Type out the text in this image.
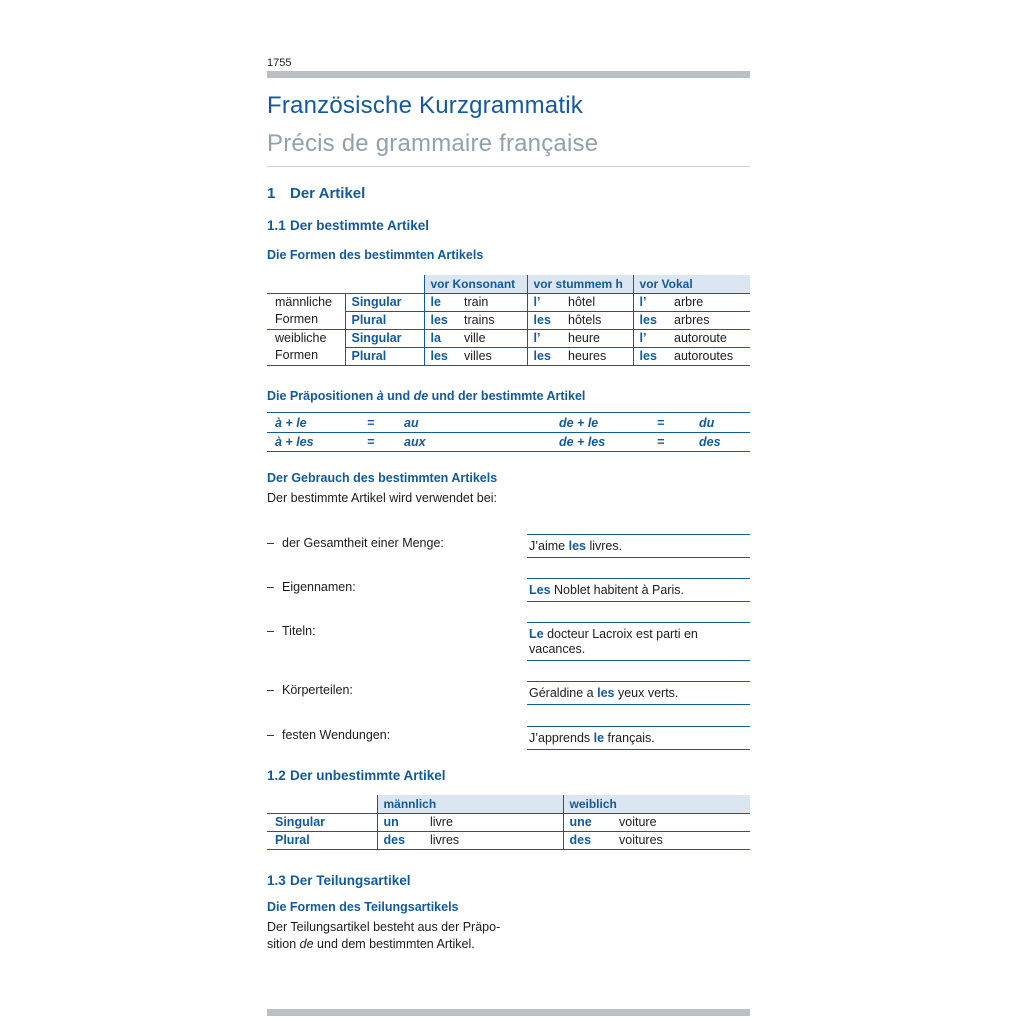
1755
Französische Kurzgrammatik
Précis de grammaire française
1 Der Artikel
1.1 Der bestimmte Artikel
Die Formen des bestimmten Artikels
		vor Konsonant		vor stummem h		vor Vokal	
männliche
Formen	Singular	le	train	l’	hôtel	l’	arbre
	Plural	les	trains	les	hôtels	les	arbres
weibliche
Formen	Singular	la	ville	l’	heure	l’	autoroute
	Plural	les	villes	les	heures	les	autoroutes
Die Präpositionen à und de und der bestimmte Artikel
à + le	=	au	de + le	=	du
à + les	=	aux	de + les	=	des
Der Gebrauch des bestimmten Artikels
Der bestimmte Artikel wird verwendet bei:
– der Gesamtheit einer Menge:	J’aime les livres.
– Eigennamen:	Les Noblet habitent à Paris.
– Titeln:	Le docteur Lacroix est parti en vacances.
– Körperteilen:	Géraldine a les yeux verts.
– festen Wendungen:	J’apprends le français.
1.2 Der unbestimmte Artikel
	männlich		weiblich	
Singular	un	livre	une	voiture
Plural	des	livres	des	voitures
1.3 Der Teilungsartikel
Die Formen des Teilungsartikels
Der Teilungsartikel besteht aus der Präpo-
sition de und dem bestimmten Artikel.
